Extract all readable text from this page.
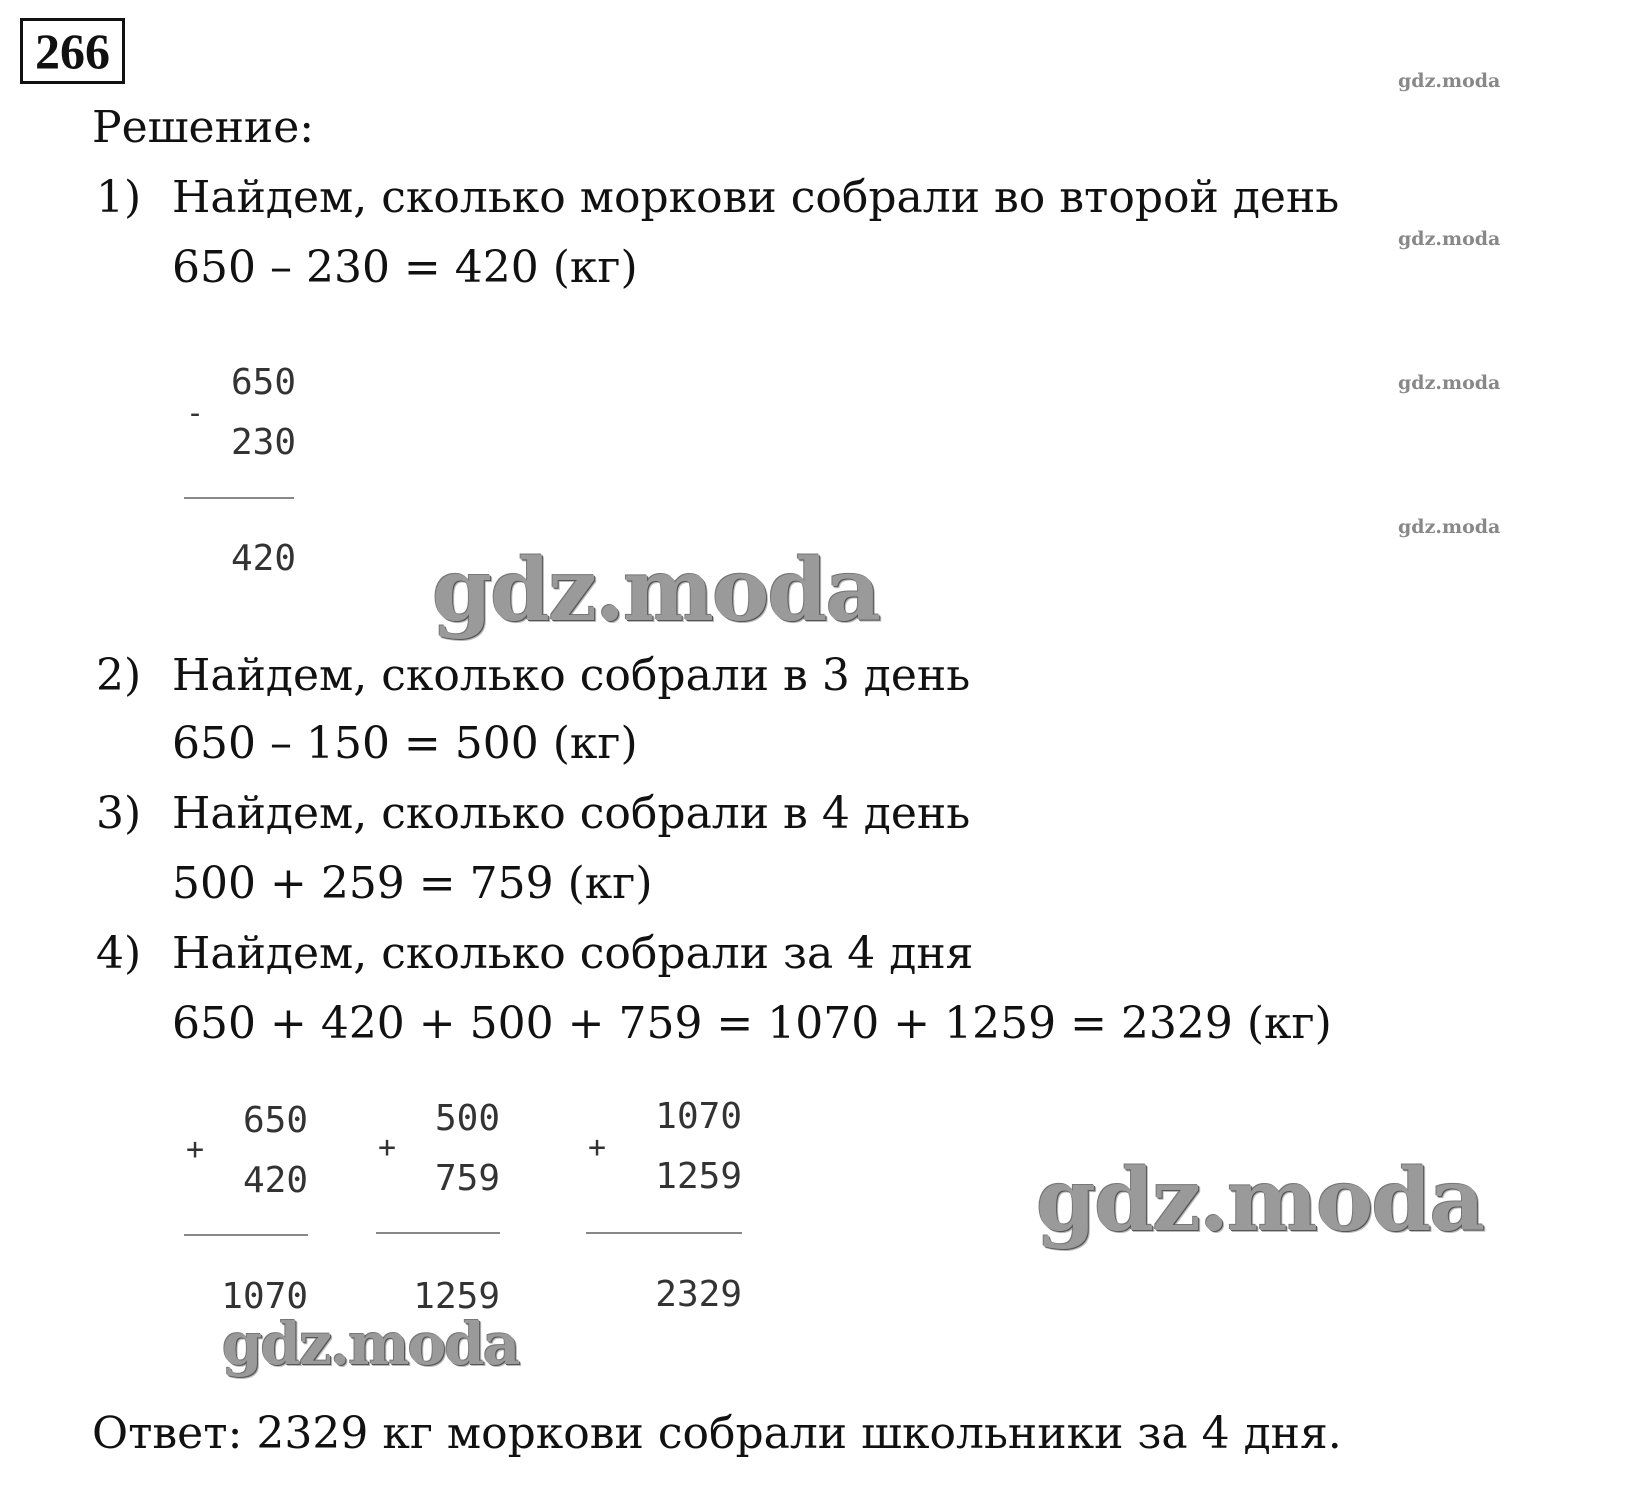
266
gdz.moda
gdz.moda
gdz.moda
gdz.moda
Решение:
1) Найдем, сколько моркови собрали во второй день
650 – 230 = 420 (кг)
650
-
230
420 gdz.moda
2) Найдем, сколько собрали в 3 день
650 – 150 = 500 (кг)
3) Найдем, сколько собрали в 4 день
500 + 259 = 759 (кг)
4) Найдем, сколько собрали за 4 дня
650 + 420 + 500 + 759 = 1070 + 1259 = 2329 (кг)
650
+
420
1070
500
+
759
1259
1070
+
1259
2329
gdz.moda
gdz.moda
Ответ: 2329 кг моркови собрали школьники за 4 дня.
